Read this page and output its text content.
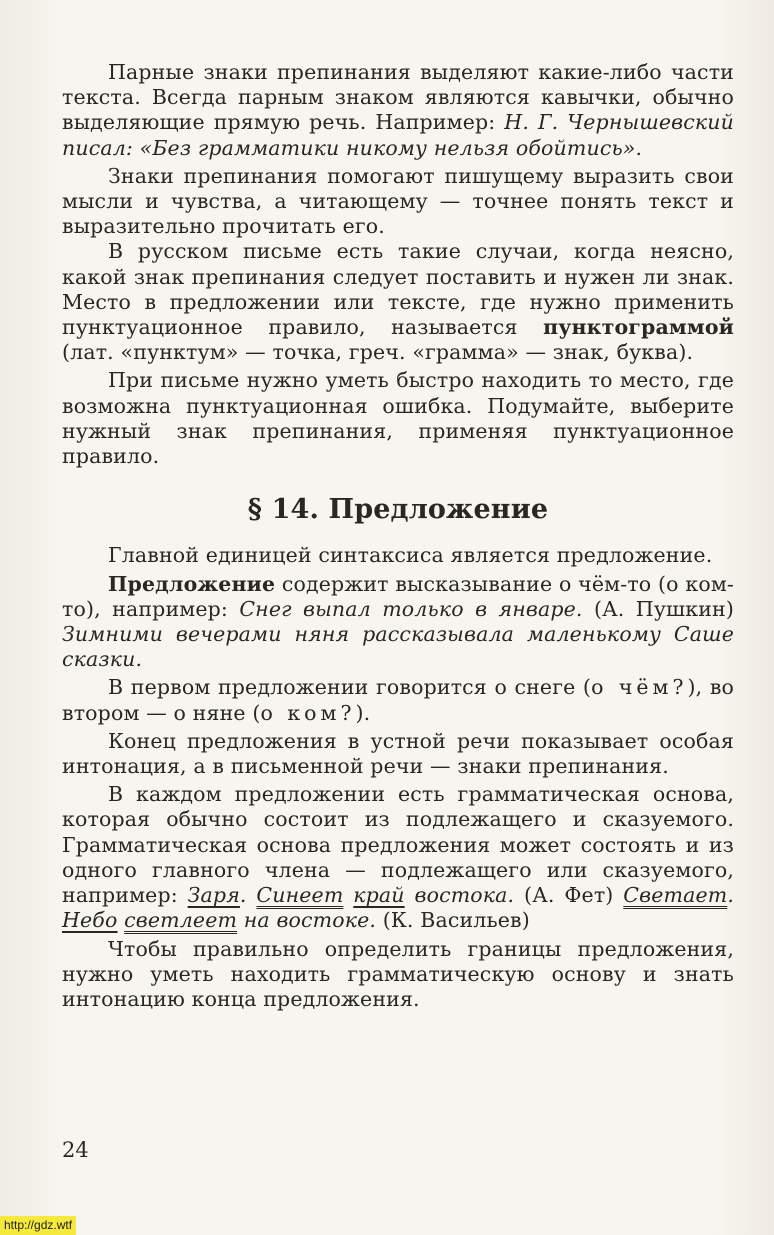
Парные знаки препинания выделяют какие-либо части текста. Всегда парным знаком являются кавычки, обычно выделяющие прямую речь. Например: Н. Г. Чернышевский писал: «Без грамматики никому нельзя обойтись».

Знаки препинания помогают пишущему выразить свои мысли и чувства, а читающему — точнее понять текст и выразительно прочитать его.

В русском письме есть такие случаи, когда неясно, какой знак препинания следует поставить и нужен ли знак. Место в предложении или тексте, где нужно применить пунктуационное правило, называется пунктограммой (лат. «пунктум» — точка, греч. «грамма» — знак, буква).

При письме нужно уметь быстро находить то место, где возможна пунктуационная ошибка. Подумайте, выберите нужный знак препинания, применяя пунктуационное правило.

§ 14. Предложение

Главной единицей синтаксиса является предложение.

Предложение содержит высказывание о чём-то (о ком-то), например: Снег выпал только в январе. (А. Пушкин) Зимними вечерами няня рассказывала маленькому Саше сказки.

В первом предложении говорится о снеге (о чём?), во втором — о няне (о ком?).

Конец предложения в устной речи показывает особая интонация, а в письменной речи — знаки препинания.

В каждом предложении есть грамматическая основа, которая обычно состоит из подлежащего и сказуемого. Грамматическая основа предложения может состоять и из одного главного члена — подлежащего или сказуемого, например: Заря. Синеет край востока. (А. Фет) Светает. Небо светлеет на востоке. (К. Васильев)

Чтобы правильно определить границы предложения, нужно уметь находить грамматическую основу и знать интонацию конца предложения.

24
http://gdz.wtf
